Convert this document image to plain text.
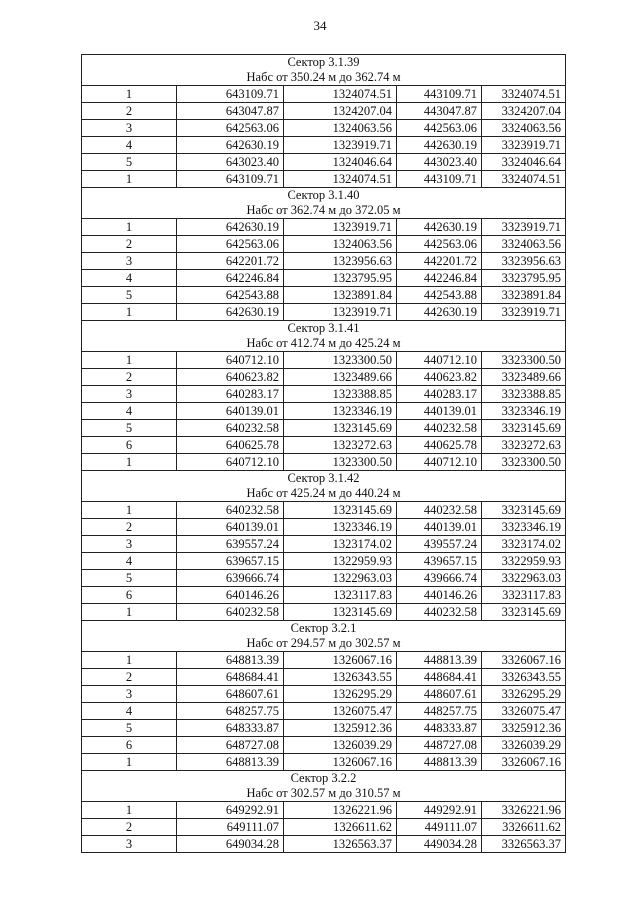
34
Сектор 3.1.39
Набс от 350.24 м до 362.74 м				

1	643109.71	1324074.51	443109.71	3324074.51
2	643047.87	1324207.04	443047.87	3324207.04
3	642563.06	1324063.56	442563.06	3324063.56
4	642630.19	1323919.71	442630.19	3323919.71
5	643023.40	1324046.64	443023.40	3324046.64
1	643109.71	1324074.51	443109.71	3324074.51

Сектор 3.1.40
Набс от 362.74 м до 372.05 м				

1	642630.19	1323919.71	442630.19	3323919.71
2	642563.06	1324063.56	442563.06	3324063.56
3	642201.72	1323956.63	442201.72	3323956.63
4	642246.84	1323795.95	442246.84	3323795.95
5	642543.88	1323891.84	442543.88	3323891.84
1	642630.19	1323919.71	442630.19	3323919.71

Сектор 3.1.41
Набс от 412.74 м до 425.24 м				

1	640712.10	1323300.50	440712.10	3323300.50
2	640623.82	1323489.66	440623.82	3323489.66
3	640283.17	1323388.85	440283.17	3323388.85
4	640139.01	1323346.19	440139.01	3323346.19
5	640232.58	1323145.69	440232.58	3323145.69
6	640625.78	1323272.63	440625.78	3323272.63
1	640712.10	1323300.50	440712.10	3323300.50

Сектор 3.1.42
Набс от 425.24 м до 440.24 м				

1	640232.58	1323145.69	440232.58	3323145.69
2	640139.01	1323346.19	440139.01	3323346.19
3	639557.24	1323174.02	439557.24	3323174.02
4	639657.15	1322959.93	439657.15	3322959.93
5	639666.74	1322963.03	439666.74	3322963.03
6	640146.26	1323117.83	440146.26	3323117.83
1	640232.58	1323145.69	440232.58	3323145.69

Сектор 3.2.1
Набс от 294.57 м до 302.57 м				

1	648813.39	1326067.16	448813.39	3326067.16
2	648684.41	1326343.55	448684.41	3326343.55
3	648607.61	1326295.29	448607.61	3326295.29
4	648257.75	1326075.47	448257.75	3326075.47
5	648333.87	1325912.36	448333.87	3325912.36
6	648727.08	1326039.29	448727.08	3326039.29
1	648813.39	1326067.16	448813.39	3326067.16

Сектор 3.2.2
Набс от 302.57 м до 310.57 м				

1	649292.91	1326221.96	449292.91	3326221.96
2	649111.07	1326611.62	449111.07	3326611.62
3	649034.28	1326563.37	449034.28	3326563.37
